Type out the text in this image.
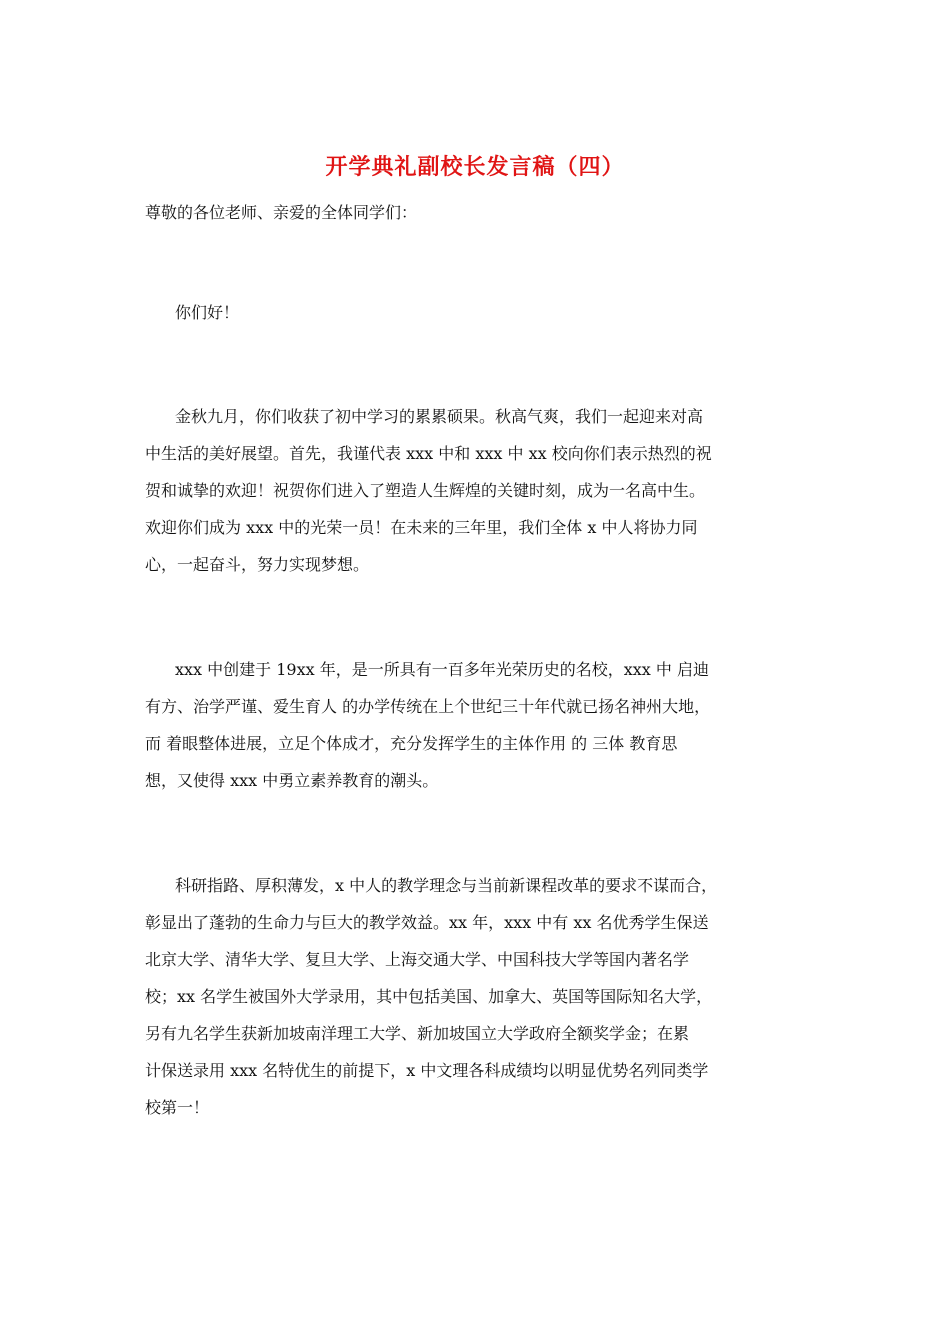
开学典礼副校长发言稿（四）
尊敬的各位老师、亲爱的全体同学们：
你们好！
金秋九月，你们收获了初中学习的累累硕果。秋高气爽，我们一起迎来对高
中生活的美好展望。首先，我谨代表 xxx 中和 xxx 中 xx 校向你们表示热烈的祝
贺和诚挚的欢迎！祝贺你们进入了塑造人生辉煌的关键时刻，成为一名高中生。
欢迎你们成为 xxx 中的光荣一员！在未来的三年里，我们全体 x 中人将协力同
心，一起奋斗，努力实现梦想。
xxx 中创建于 19xx 年，是一所具有一百多年光荣历史的名校，xxx 中 启迪
有方、治学严谨、爱生育人 的办学传统在上个世纪三十年代就已扬名神州大地，
而 着眼整体进展，立足个体成才，充分发挥学生的主体作用 的 三体 教育思
想，又使得 xxx 中勇立素养教育的潮头。
科研指路、厚积薄发，x 中人的教学理念与当前新课程改革的要求不谋而合，
彰显出了蓬勃的生命力与巨大的教学效益。xx 年，xxx 中有 xx 名优秀学生保送
北京大学、清华大学、复旦大学、上海交通大学、中国科技大学等国内著名学
校；xx 名学生被国外大学录用，其中包括美国、加拿大、英国等国际知名大学，
另有九名学生获新加坡南洋理工大学、新加坡国立大学政府全额奖学金；在累
计保送录用 xxx 名特优生的前提下，x 中文理各科成绩均以明显优势名列同类学
校第一！
